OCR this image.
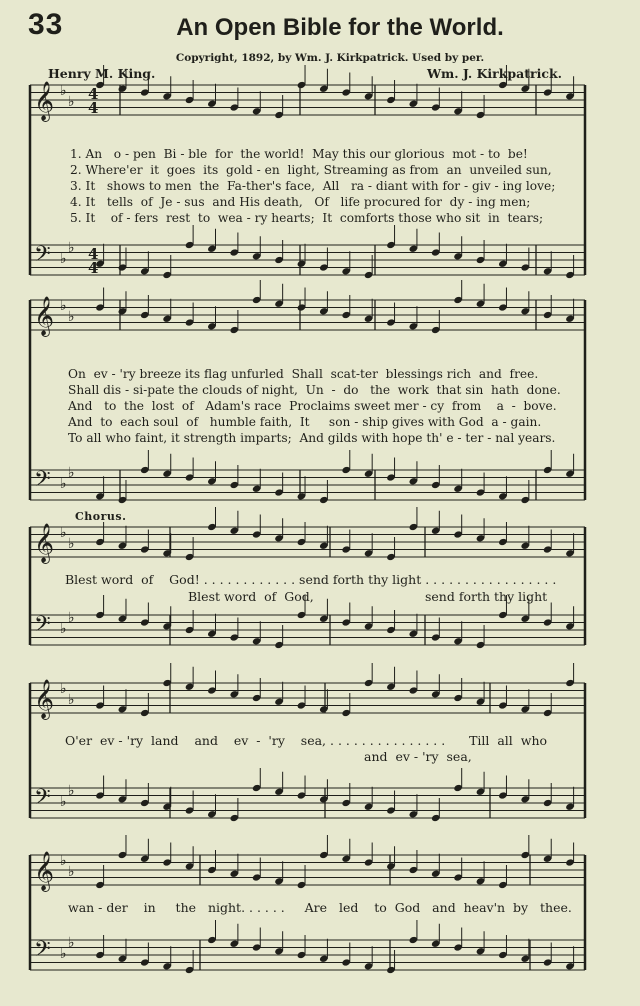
33	An Open Bible for the World.
Copyright, 1892, by Wm. J. Kirkpatrick. Used by per.
Henry M. King.	Wm. J. Kirkpatrick.
𝄞 ♭
♭
𝄢 ♭
♭
𝄞 ♭
♭
𝄢 ♭
♭
𝄞 ♭
♭
𝄢 ♭
♭
𝄞 ♭
♭
𝄢 ♭
♭
𝄞 ♭
♭
𝄢 ♭
♭
4
4
4
4
1. An   o - pen  Bi - ble  for  the world!  May this our glorious  mot - to  be!
2. Where'er  it  goes  its  gold - en  light, Streaming as from  an  unveiled sun,
3. It   shows to men  the  Fa-ther's face,  All   ra - diant with for - giv - ing love;
4. It   tells  of  Je - sus  and His death,   Of   life procured for  dy - ing men;
5. It    of - fers  rest  to  wea - ry hearts;  It  comforts those who sit  in  tears;
On  ev - 'ry breeze its flag unfurled  Shall  scat-ter  blessings rich  and  free.
Shall dis - si-pate the clouds of night,  Un  -  do   the  work  that sin  hath  done.
And   to  the  lost  of   Adam's race  Proclaims sweet mer - cy  from    a  -  bove.
And  to  each soul  of   humble faith,  It     son - ship gives with God  a - gain.
To all who faint, it strength imparts;  And gilds with hope th' e - ter - nal years.
Chorus.
Blest word  of    God! . . . . . . . . . . . . send forth thy light . . . . . . . . . . . . . . . . .
Blest word  of  God,                            send forth thy light
O'er  ev - 'ry  land    and    ev  -  'ry    sea, . . . . . . . . . . . . . . .      Till  all  who
and  ev - 'ry  sea,
wan - der    in     the   night. . . . . .     Are   led    to  God   and  heav'n  by   thee.
